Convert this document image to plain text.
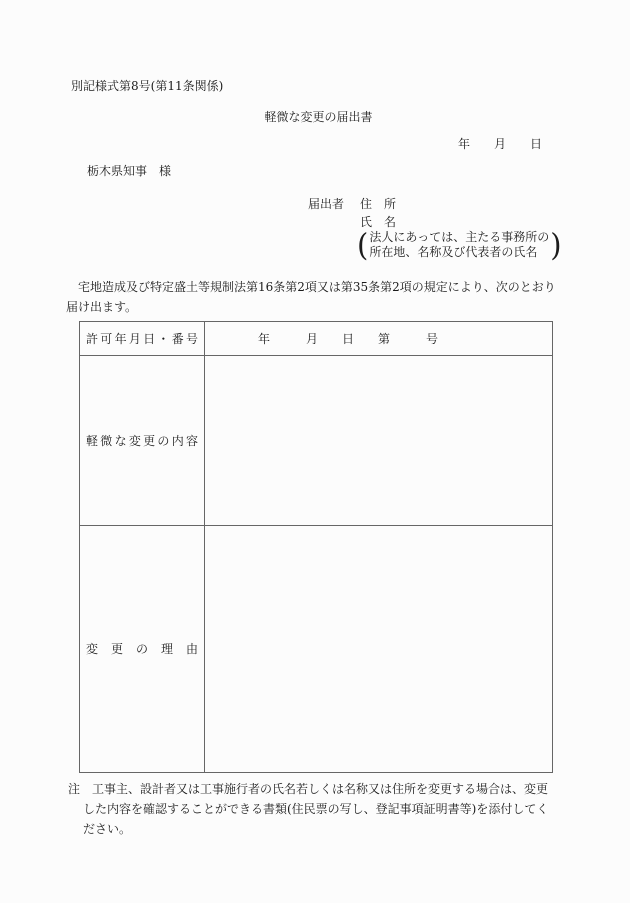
別記様式第8号(第11条関係)
軽微な変更の届出書
年　　月　　日
栃木県知事　様
届出者 住　所
氏　名
( 法人にあっては、主たる事務所の
所在地、名称及び代表者の氏名 )
　宅地造成及び特定盛土等規制法第16条第2項又は第35条第2項の規定により、次のとおり
届け出ます。
許可年月日・番号	年　　　月　　日　　第　　　号
軽微な変更の内容
変更の理由
注　工事主、設計者又は工事施行者の氏名若しくは名称又は住所を変更する場合は、変更
した内容を確認することができる書類(住民票の写し、登記事項証明書等)を添付してく
ださい。
